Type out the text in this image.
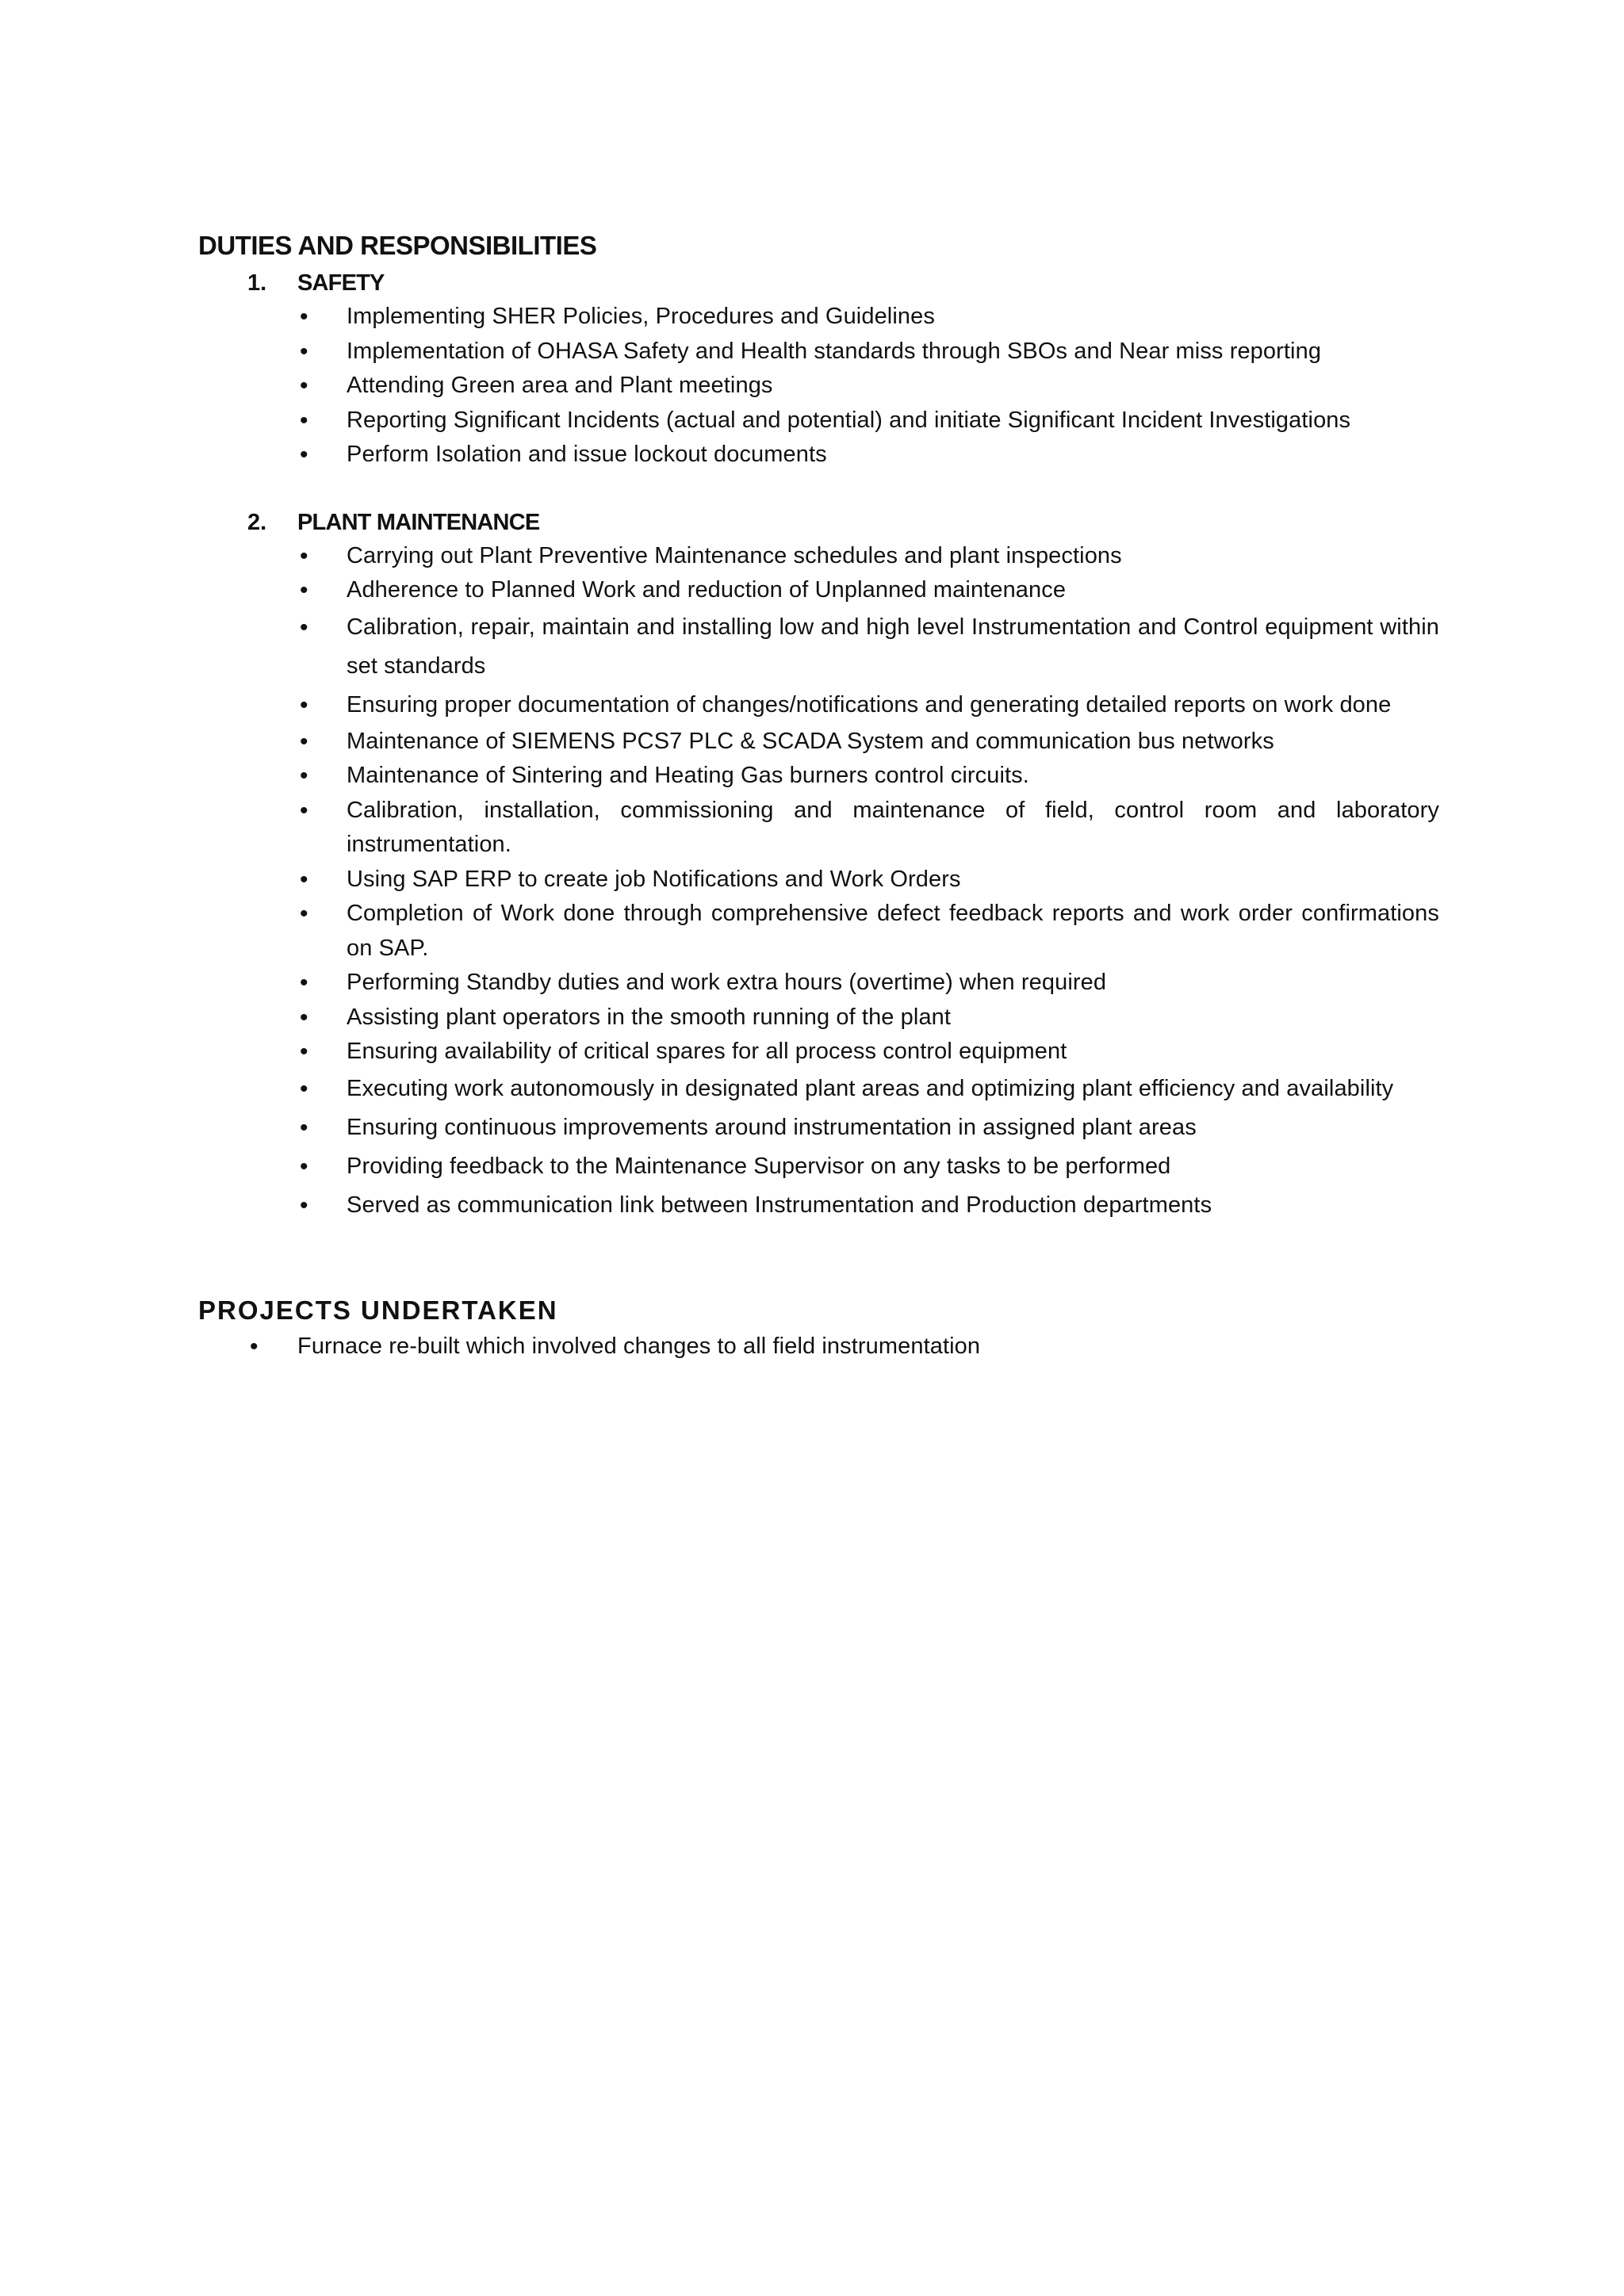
DUTIES AND RESPONSIBILITIES
1. SAFETY
•	Implementing SHER Policies, Procedures and Guidelines
•	Implementation of OHASA Safety and Health standards through SBOs and Near miss reporting
•	Attending Green area and Plant meetings
•	Reporting Significant Incidents (actual and potential) and initiate Significant Incident Investigations
•	Perform Isolation and issue lockout documents
2. PLANT MAINTENANCE
•	Carrying out Plant Preventive Maintenance schedules and plant inspections
•	Adherence to Planned Work and reduction of Unplanned maintenance
•	Calibration, repair, maintain and installing low and high level Instrumentation and Control equipment within set standards
•	Ensuring proper documentation of changes/notifications and generating detailed reports on work done
•	Maintenance of SIEMENS PCS7 PLC & SCADA System and communication bus networks
•	Maintenance of Sintering and Heating Gas burners control circuits.
•	Calibration, installation, commissioning and maintenance of field, control room and laboratory instrumentation.
•	Using SAP ERP to create job Notifications and Work Orders
•	Completion of Work done through comprehensive defect feedback reports and work order confirmations on SAP.
•	Performing Standby duties and work extra hours (overtime) when required
•	Assisting plant operators in the smooth running of the plant
•	Ensuring availability of critical spares for all process control equipment
•	Executing work autonomously in designated plant areas and optimizing plant efficiency and availability
•	Ensuring continuous improvements around instrumentation in assigned plant areas
•	Providing feedback to the Maintenance Supervisor on any tasks to be performed
•	Served as communication link between Instrumentation and Production departments
PROJECTS UNDERTAKEN
•	Furnace re-built which involved changes to all field instrumentation
